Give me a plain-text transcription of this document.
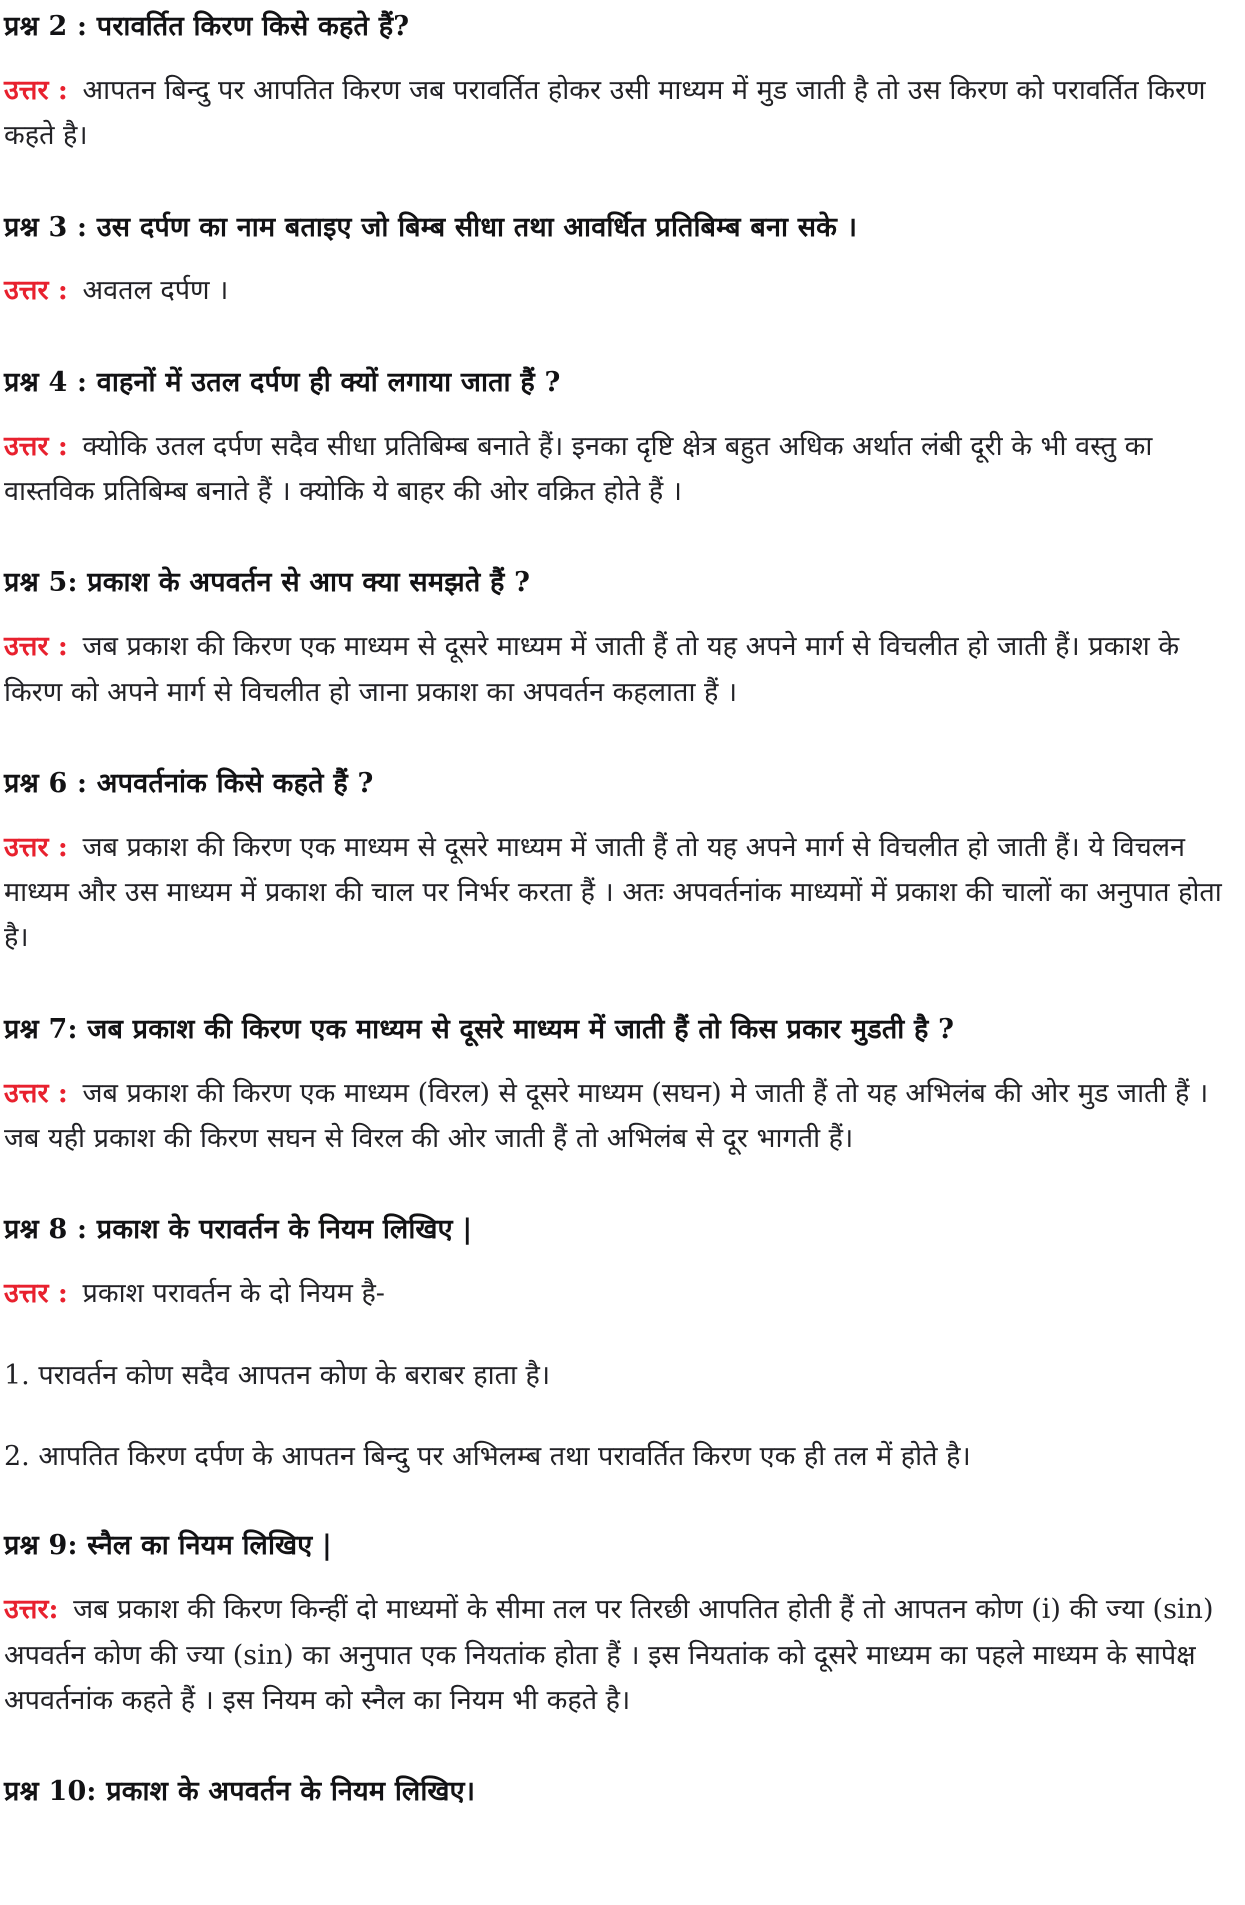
प्रश्न 2 : परावर्तित किरण किसे कहते हैं?

उत्तर : आपतन बिन्दु पर आपतित किरण जब परावर्तित होकर उसी माध्यम में मुड जाती है तो उस किरण को परावर्तित किरण कहते है।

प्रश्न 3 : उस दर्पण का नाम बताइए जो बिम्ब सीधा तथा आवर्धित प्रतिबिम्ब बना सके ।

उत्तर : अवतल दर्पण ।

प्रश्न 4 : वाहनों में उतल दर्पण ही क्यों लगाया जाता हैं ?

उत्तर : क्योकि उतल दर्पण सदैव सीधा प्रतिबिम्ब बनाते हैं। इनका दृष्टि क्षेत्र बहुत अधिक अर्थात लंबी दूरी के भी वस्तु का वास्तविक प्रतिबिम्ब बनाते हैं । क्योकि ये बाहर की ओर वक्रित होते हैं ।

प्रश्न 5: प्रकाश के अपवर्तन से आप क्या समझते हैं ?

उत्तर : जब प्रकाश की किरण एक माध्यम से दूसरे माध्यम में जाती हैं तो यह अपने मार्ग से विचलीत हो जाती हैं। प्रकाश के किरण को अपने मार्ग से विचलीत हो जाना प्रकाश का अपवर्तन कहलाता हैं ।

प्रश्न 6 : अपवर्तनांक किसे कहते हैं ?

उत्तर : जब प्रकाश की किरण एक माध्यम से दूसरे माध्यम में जाती हैं तो यह अपने मार्ग से विचलीत हो जाती हैं। ये विचलन माध्यम और उस माध्यम में प्रकाश की चाल पर निर्भर करता हैं । अतः अपवर्तनांक माध्यमों में प्रकाश की चालों का अनुपात होता है।

प्रश्न 7: जब प्रकाश की किरण एक माध्यम से दूसरे माध्यम में जाती हैं तो किस प्रकार मुडती है ?

उत्तर : जब प्रकाश की किरण एक माध्यम (विरल) से दूसरे माध्यम (सघन) मे जाती हैं तो यह अभिलंब की ओर मुड जाती हैं । जब यही प्रकाश की किरण सघन से विरल की ओर जाती हैं तो अभिलंब से दूर भागती हैं।

प्रश्न 8 : प्रकाश के परावर्तन के नियम लिखिए |

उत्तर : प्रकाश परावर्तन के दो नियम है-

1. परावर्तन कोण सदैव आपतन कोण के बराबर हाता है।

2. आपतित किरण दर्पण के आपतन बिन्दु पर अभिलम्ब तथा परावर्तित किरण एक ही तल में होते है।

प्रश्न 9: स्नैल का नियम लिखिए |

उत्तर: जब प्रकाश की किरण किन्हीं दो माध्यमों के सीमा तल पर तिरछी आपतित होती हैं तो आपतन कोण (i) की ज्या (sin) अपवर्तन कोण की ज्या (sin) का अनुपात एक नियतांक होता हैं । इस नियतांक को दूसरे माध्यम का पहले माध्यम के सापेक्ष अपवर्तनांक कहते हैं । इस नियम को स्नैल का नियम भी कहते है।

प्रश्न 10: प्रकाश के अपवर्तन के नियम लिखिए।
